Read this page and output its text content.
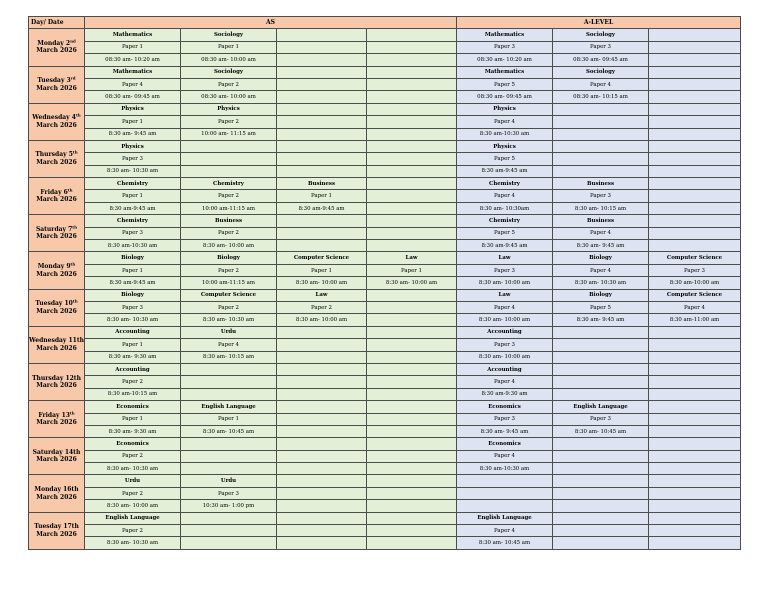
Day/ Date	AS				A-LEVEL		
Monday 2nd March 2026	Mathematics	Sociology			Mathematics	Sociology	
	Paper 1	Paper 1			Paper 3	Paper 3	
	08:30 am- 10:20 am	08:30 am- 10:00 am			08:30 am- 10:20 am	08:30 am- 09:45 am	
Tuesday 3rd March 2026	Mathematics	Sociology			Mathematics	Sociology	
	Paper 4	Paper 2			Paper 5	Paper 4	
	08:30 am- 09:45 am	08:30 am- 10:00 am			08:30 am- 09:45 am	08:30 am- 10:15 am	
Wednesday 4th March 2026	Physics	Physics			Physics		
	Paper 1	Paper 2			Paper 4		
	8:30 am- 9:45 am	10:00 am- 11:15 am			8:30 am-10:30 am		
Thursday 5th March 2026	Physics				Physics		
	Paper 3				Paper 5		
	8:30 am- 10:30 am				8:30 am-9:45 am		
Friday 6th March 2026	Chemistry	Chemistry	Business		Chemistry	Business	
	Paper 1	Paper 2	Paper 1		Paper 4	Paper 3	
	8:30 am-9:45 am	10:00 am-11:15 am	8:30 am-9:45 am		8:30 am- 10:30am	8:30 am- 10:15 am	
Saturday 7th March 2026	Chemistry	Business			Chemistry	Business	
	Paper 3	Paper 2			Paper 5	Paper 4	
	8:30 am-10:30 am	8:30 am- 10:00 am			8:30 am-9:45 am	8:30 am- 9:45 am	
Monday 9th March 2026	Biology	Biology	Computer Science	Law	Law	Biology	Computer Science
	Paper 1	Paper 2	Paper 1	Paper 1	Paper 3	Paper 4	Paper 3
	8:30 am-9:45 am	10:00 am-11:15 am	8:30 am- 10:00 am	8:30 am- 10:00 am	8:30 am- 10:00 am	8:30 am- 10:30 am	8:30 am-10:00 am
Tuesday 10th March 2026	Biology	Computer Science	Law		Law	Biology	Computer Science
	Paper 3	Paper 2	Paper 2		Paper 4	Paper 5	Paper 4
	8:30 am- 10:30 am	8:30 am- 10:30 am	8:30 am- 10:00 am		8:30 am- 10:00 am	8:30 am- 9:45 am	8:30 am-11:00 am
Wednesday 11th March 2026	Accounting	Urdu			Accounting		
	Paper 1	Paper 4			Paper 3		
	8:30 am- 9:30 am	8:30 am- 10:15 am			8:30 am- 10:00 am		
Thursday 12th March 2026	Accounting				Accounting		
	Paper 2				Paper 4		
	8:30 am-10:15 am				8:30 am-9:30 am		
Friday 13th March 2026	Economics	English Language			Economics	English Language	
	Paper 1	Paper 1			Paper 3	Paper 3	
	8:30 am- 9:30 am	8:30 am- 10:45 am			8:30 am- 9:45 am	8:30 am- 10:45 am	
Saturday 14th March 2026	Economics				Economics		
	Paper 2				Paper 4		
	8:30 am- 10:30 am				8:30 am-10:30 am		
Monday 16th March 2026	Urdu	Urdu					
	Paper 2	Paper 3					
	8:30 am- 10:00 am	10:30 am- 1:00 pm					
Tuesday 17th March 2026	English Language				English Language		
	Paper 2				Paper 4		
	8:30 am- 10:30 am				8:30 am- 10:45 am		
